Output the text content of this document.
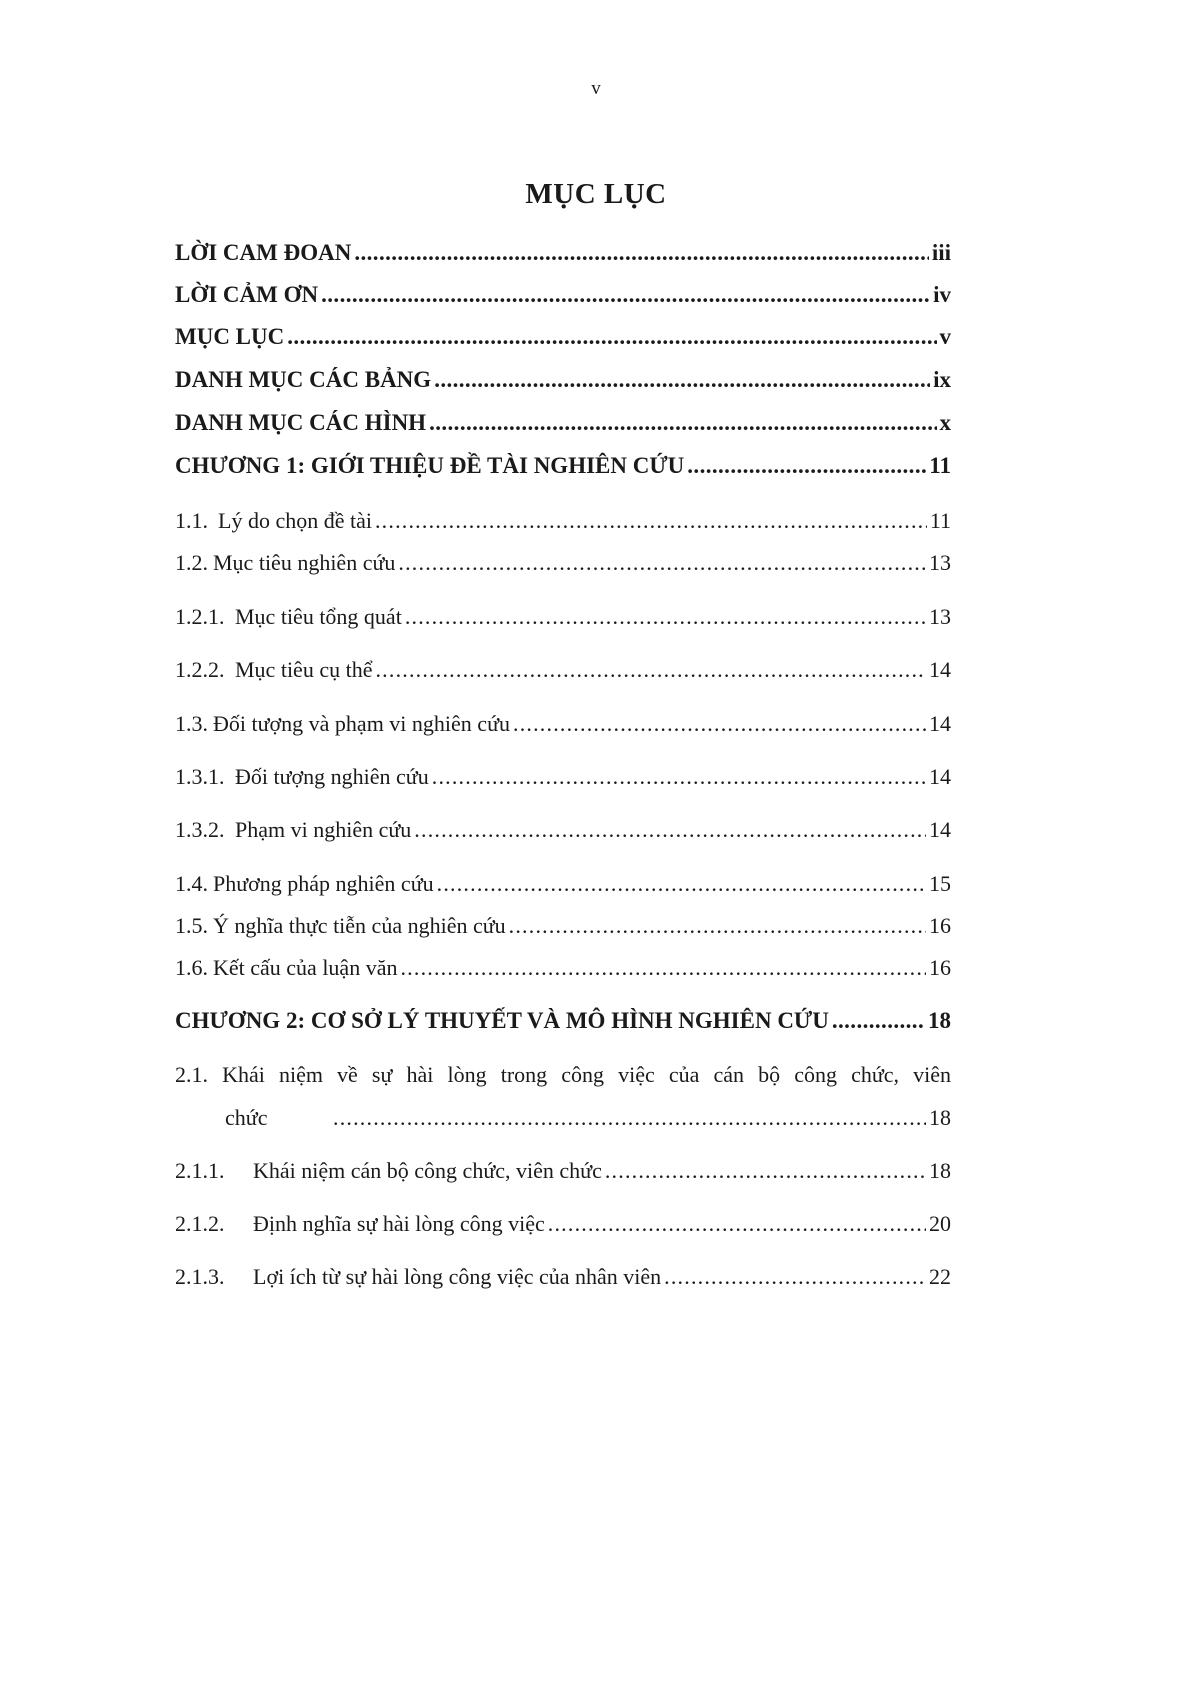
v
MỤC LỤC
LỜI CAM ĐOAN .....	iii
LỜI CẢM ƠN .....	iv
MỤC LỤC .....	v
DANH MỤC CÁC BẢNG .....	ix
DANH MỤC CÁC HÌNH .....	x
CHƯƠNG 1: GIỚI THIỆU ĐỀ TÀI NGHIÊN CỨU .....	11
1.1. Lý do chọn đề tài .....	11
1.2. Mục tiêu nghiên cứu .....	13
1.2.1. Mục tiêu tổng quát .....	13
1.2.2. Mục tiêu cụ thể .....	14
1.3. Đối tượng và phạm vi nghiên cứu .....	14
1.3.1. Đối tượng nghiên cứu .....	14
1.3.2. Phạm vi nghiên cứu .....	14
1.4. Phương pháp nghiên cứu .....	15
1.5. Ý nghĩa thực tiễn của nghiên cứu .....	16
1.6. Kết cấu của luận văn .....	16
CHƯƠNG 2: CƠ SỞ LÝ THUYẾT VÀ MÔ HÌNH NGHIÊN CỨU .....	18
2.1. Khái niệm về sự hài lòng trong công việc của cán bộ công chức, viên
chức .....	18
2.1.1.	Khái niệm cán bộ công chức, viên chức .....	18
2.1.2.	Định nghĩa sự hài lòng công việc .....	20
2.1.3.	Lợi ích từ sự hài lòng công việc của nhân viên .....	22
